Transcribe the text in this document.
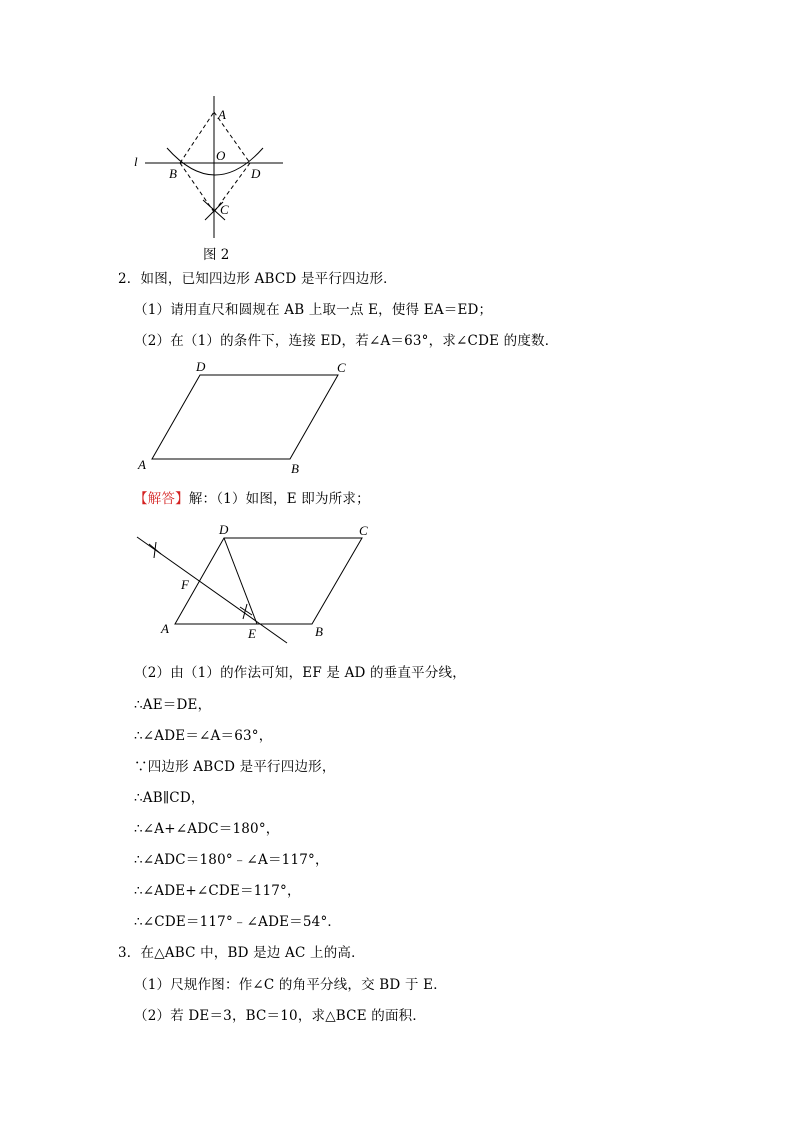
l
A
O
B	D
C
图 2
2．如图，已知四边形 ABCD 是平行四边形．
（1）请用直尺和圆规在 AB 上取一点 E，使得 EA＝ED；
（2）在（1）的条件下，连接 ED，若∠A＝63°，求∠CDE 的度数．
D	C
A	B
【解答】解：（1）如图，E 即为所求；
D	C
F
A	E	B
（2）由（1）的作法可知，EF 是 AD 的垂直平分线，
∴AE＝DE，
∴∠ADE＝∠A＝63°，
∵四边形 ABCD 是平行四边形，
∴AB∥CD，
∴∠A+∠ADC＝180°，
∴∠ADC＝180°﹣∠A＝117°，
∴∠ADE+∠CDE＝117°，
∴∠CDE＝117°﹣∠ADE＝54°．
3．在△ABC 中，BD 是边 AC 上的高．
（1）尺规作图：作∠C 的角平分线，交 BD 于 E．
（2）若 DE＝3，BC＝10，求△BCE 的面积．
